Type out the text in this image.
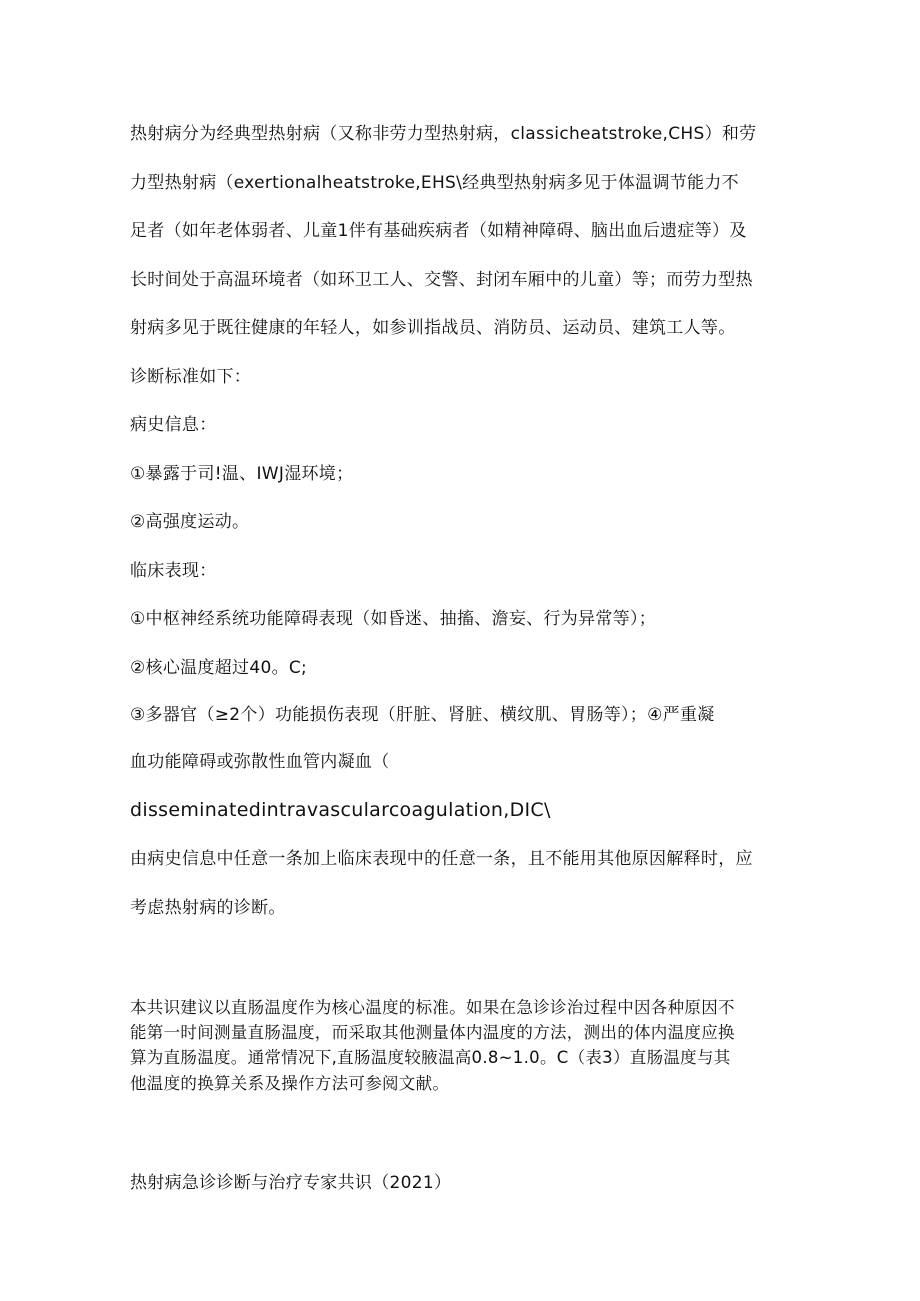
热射病分为经典型热射病（又称非劳力型热射病，classicheatstroke,CHS）和劳
力型热射病（exertionalheatstroke,EHS\经典型热射病多见于体温调节能力不
足者（如年老体弱者、儿童1伴有基础疾病者（如精神障碍、脑出血后遗症等）及
长时间处于高温环境者（如环卫工人、交警、封闭车厢中的儿童）等；而劳力型热
射病多见于既往健康的年轻人，如参训指战员、消防员、运动员、建筑工人等。
诊断标准如下：
病史信息：
①暴露于司!温、IWJ湿环境；
②高强度运动。
临床表现：
①中枢神经系统功能障碍表现（如昏迷、抽搐、澹妄、行为异常等）；
②核心温度超过40。C;
③多器官（≥2个）功能损伤表现（肝脏、肾脏、横纹肌、胃肠等）；④严重凝
血功能障碍或弥散性血管内凝血（
disseminatedintravascularcoagulation,DIC\
由病史信息中任意一条加上临床表现中的任意一条，且不能用其他原因解释时，应
考虑热射病的诊断。
本共识建议以直肠温度作为核心温度的标准。如果在急诊诊治过程中因各种原因不
能第一时间测量直肠温度，而采取其他测量体内温度的方法，测出的体内温度应换
算为直肠温度。通常情况下,直肠温度较腋温高0.8~1.0。C（表3）直肠温度与其
他温度的换算关系及操作方法可参阅文献。
热射病急诊诊断与治疗专家共识（2021）
